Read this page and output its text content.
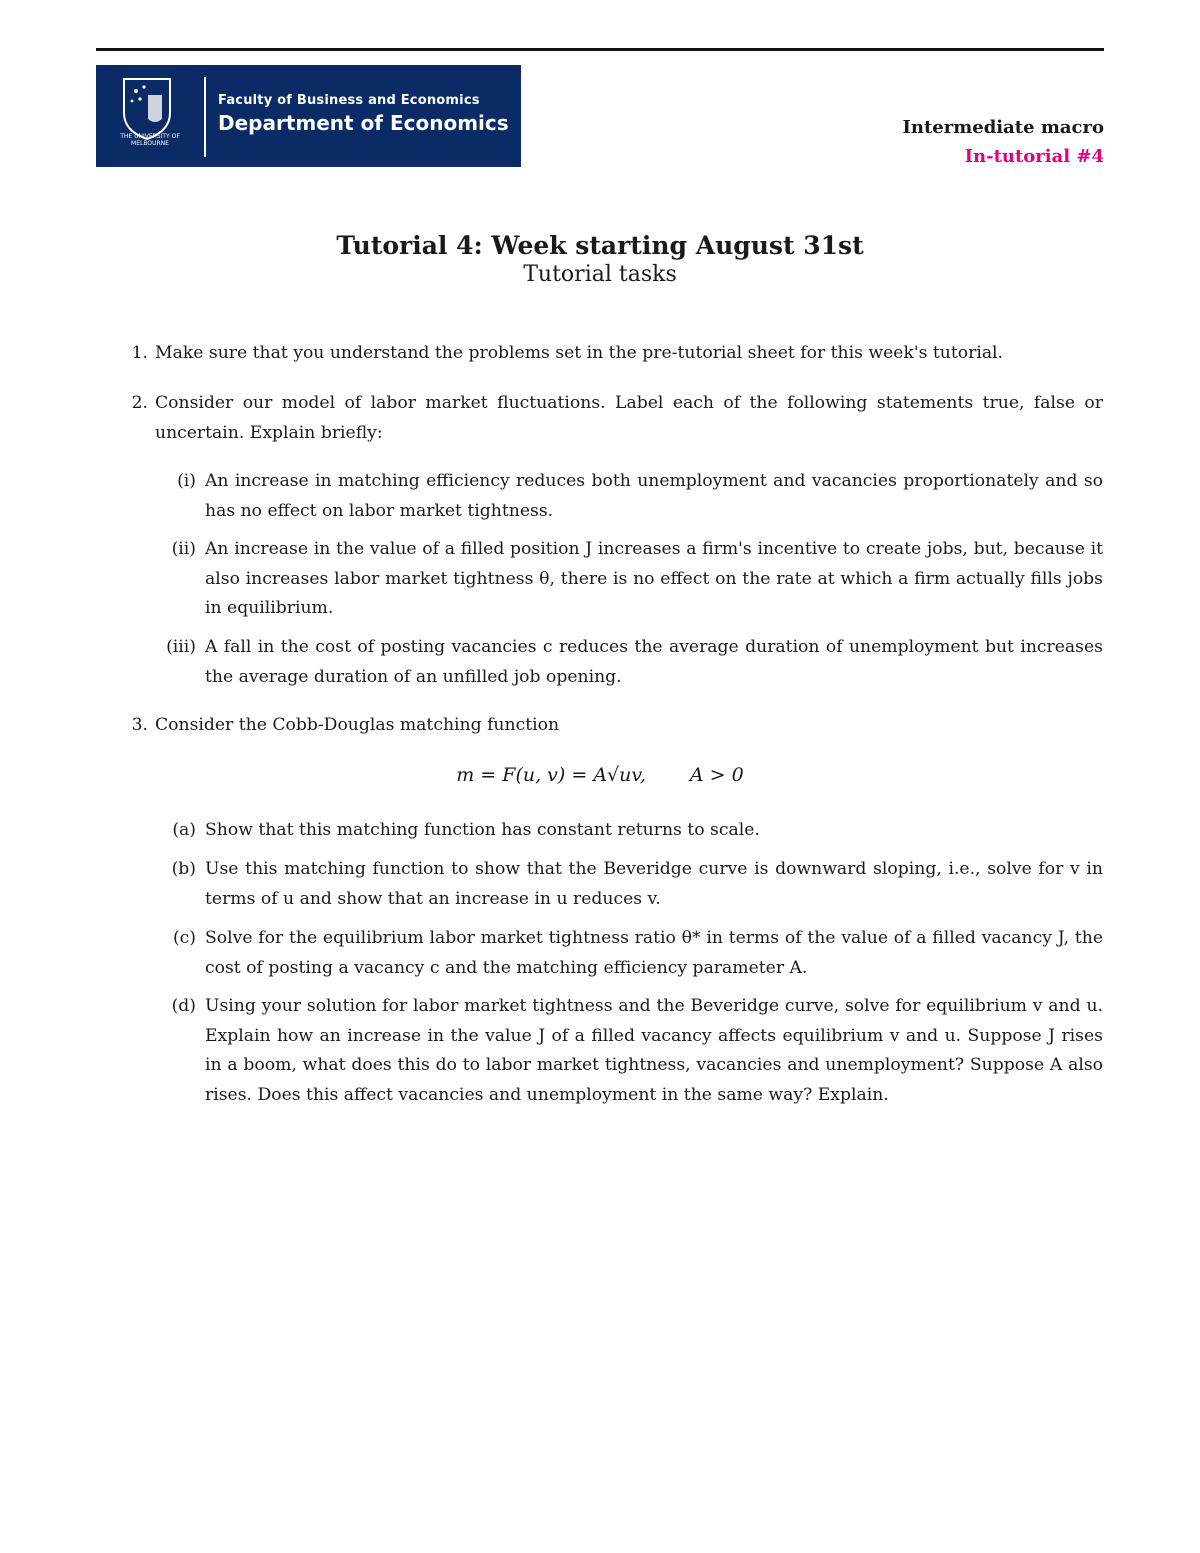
THE UNIVERSITY OF MELBOURNE
Faculty of Business and Economics
Department of Economics	Intermediate macro
In-tutorial #4
Tutorial 4: Week starting August 31st
Tutorial tasks
1. Make sure that you understand the problems set in the pre-tutorial sheet for this week's tutorial.
2. Consider our model of labor market fluctuations. Label each of the following statements true, false or uncertain. Explain briefly:
(i) An increase in matching efficiency reduces both unemployment and vacancies proportionately and so has no effect on labor market tightness.
(ii) An increase in the value of a filled position J increases a firm's incentive to create jobs, but, because it also increases labor market tightness θ, there is no effect on the rate at which a firm actually fills jobs in equilibrium.
(iii) A fall in the cost of posting vacancies c reduces the average duration of unemployment but increases the average duration of an unfilled job opening.
3. Consider the Cobb-Douglas matching function
m = F(u, v) = A√uv, A > 0
(a) Show that this matching function has constant returns to scale.
(b) Use this matching function to show that the Beveridge curve is downward sloping, i.e., solve for v in terms of u and show that an increase in u reduces v.
(c) Solve for the equilibrium labor market tightness ratio θ* in terms of the value of a filled vacancy J, the cost of posting a vacancy c and the matching efficiency parameter A.
(d) Using your solution for labor market tightness and the Beveridge curve, solve for equilibrium v and u. Explain how an increase in the value J of a filled vacancy affects equilibrium v and u. Suppose J rises in a boom, what does this do to labor market tightness, vacancies and unemployment? Suppose A also rises. Does this affect vacancies and unemployment in the same way? Explain.
